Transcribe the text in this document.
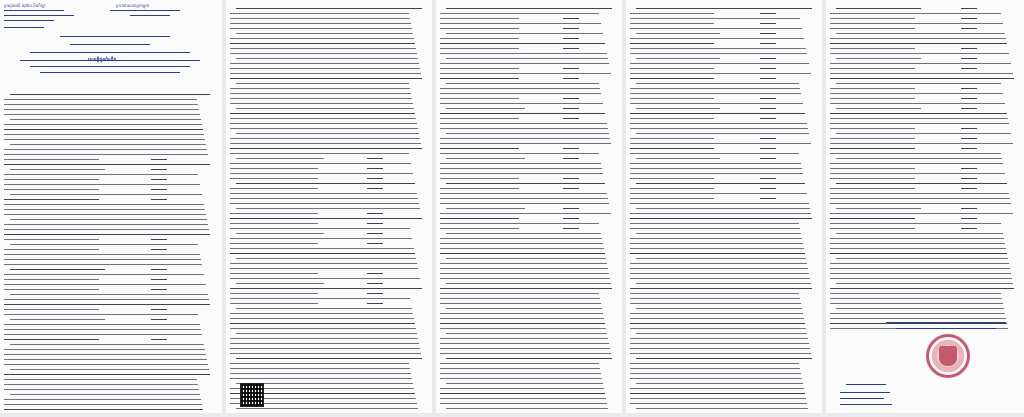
ក្រសួងអប់រំ យុវជន និងកីឡា	ព្រះរាជាណាចក្រកម្ពុជា
